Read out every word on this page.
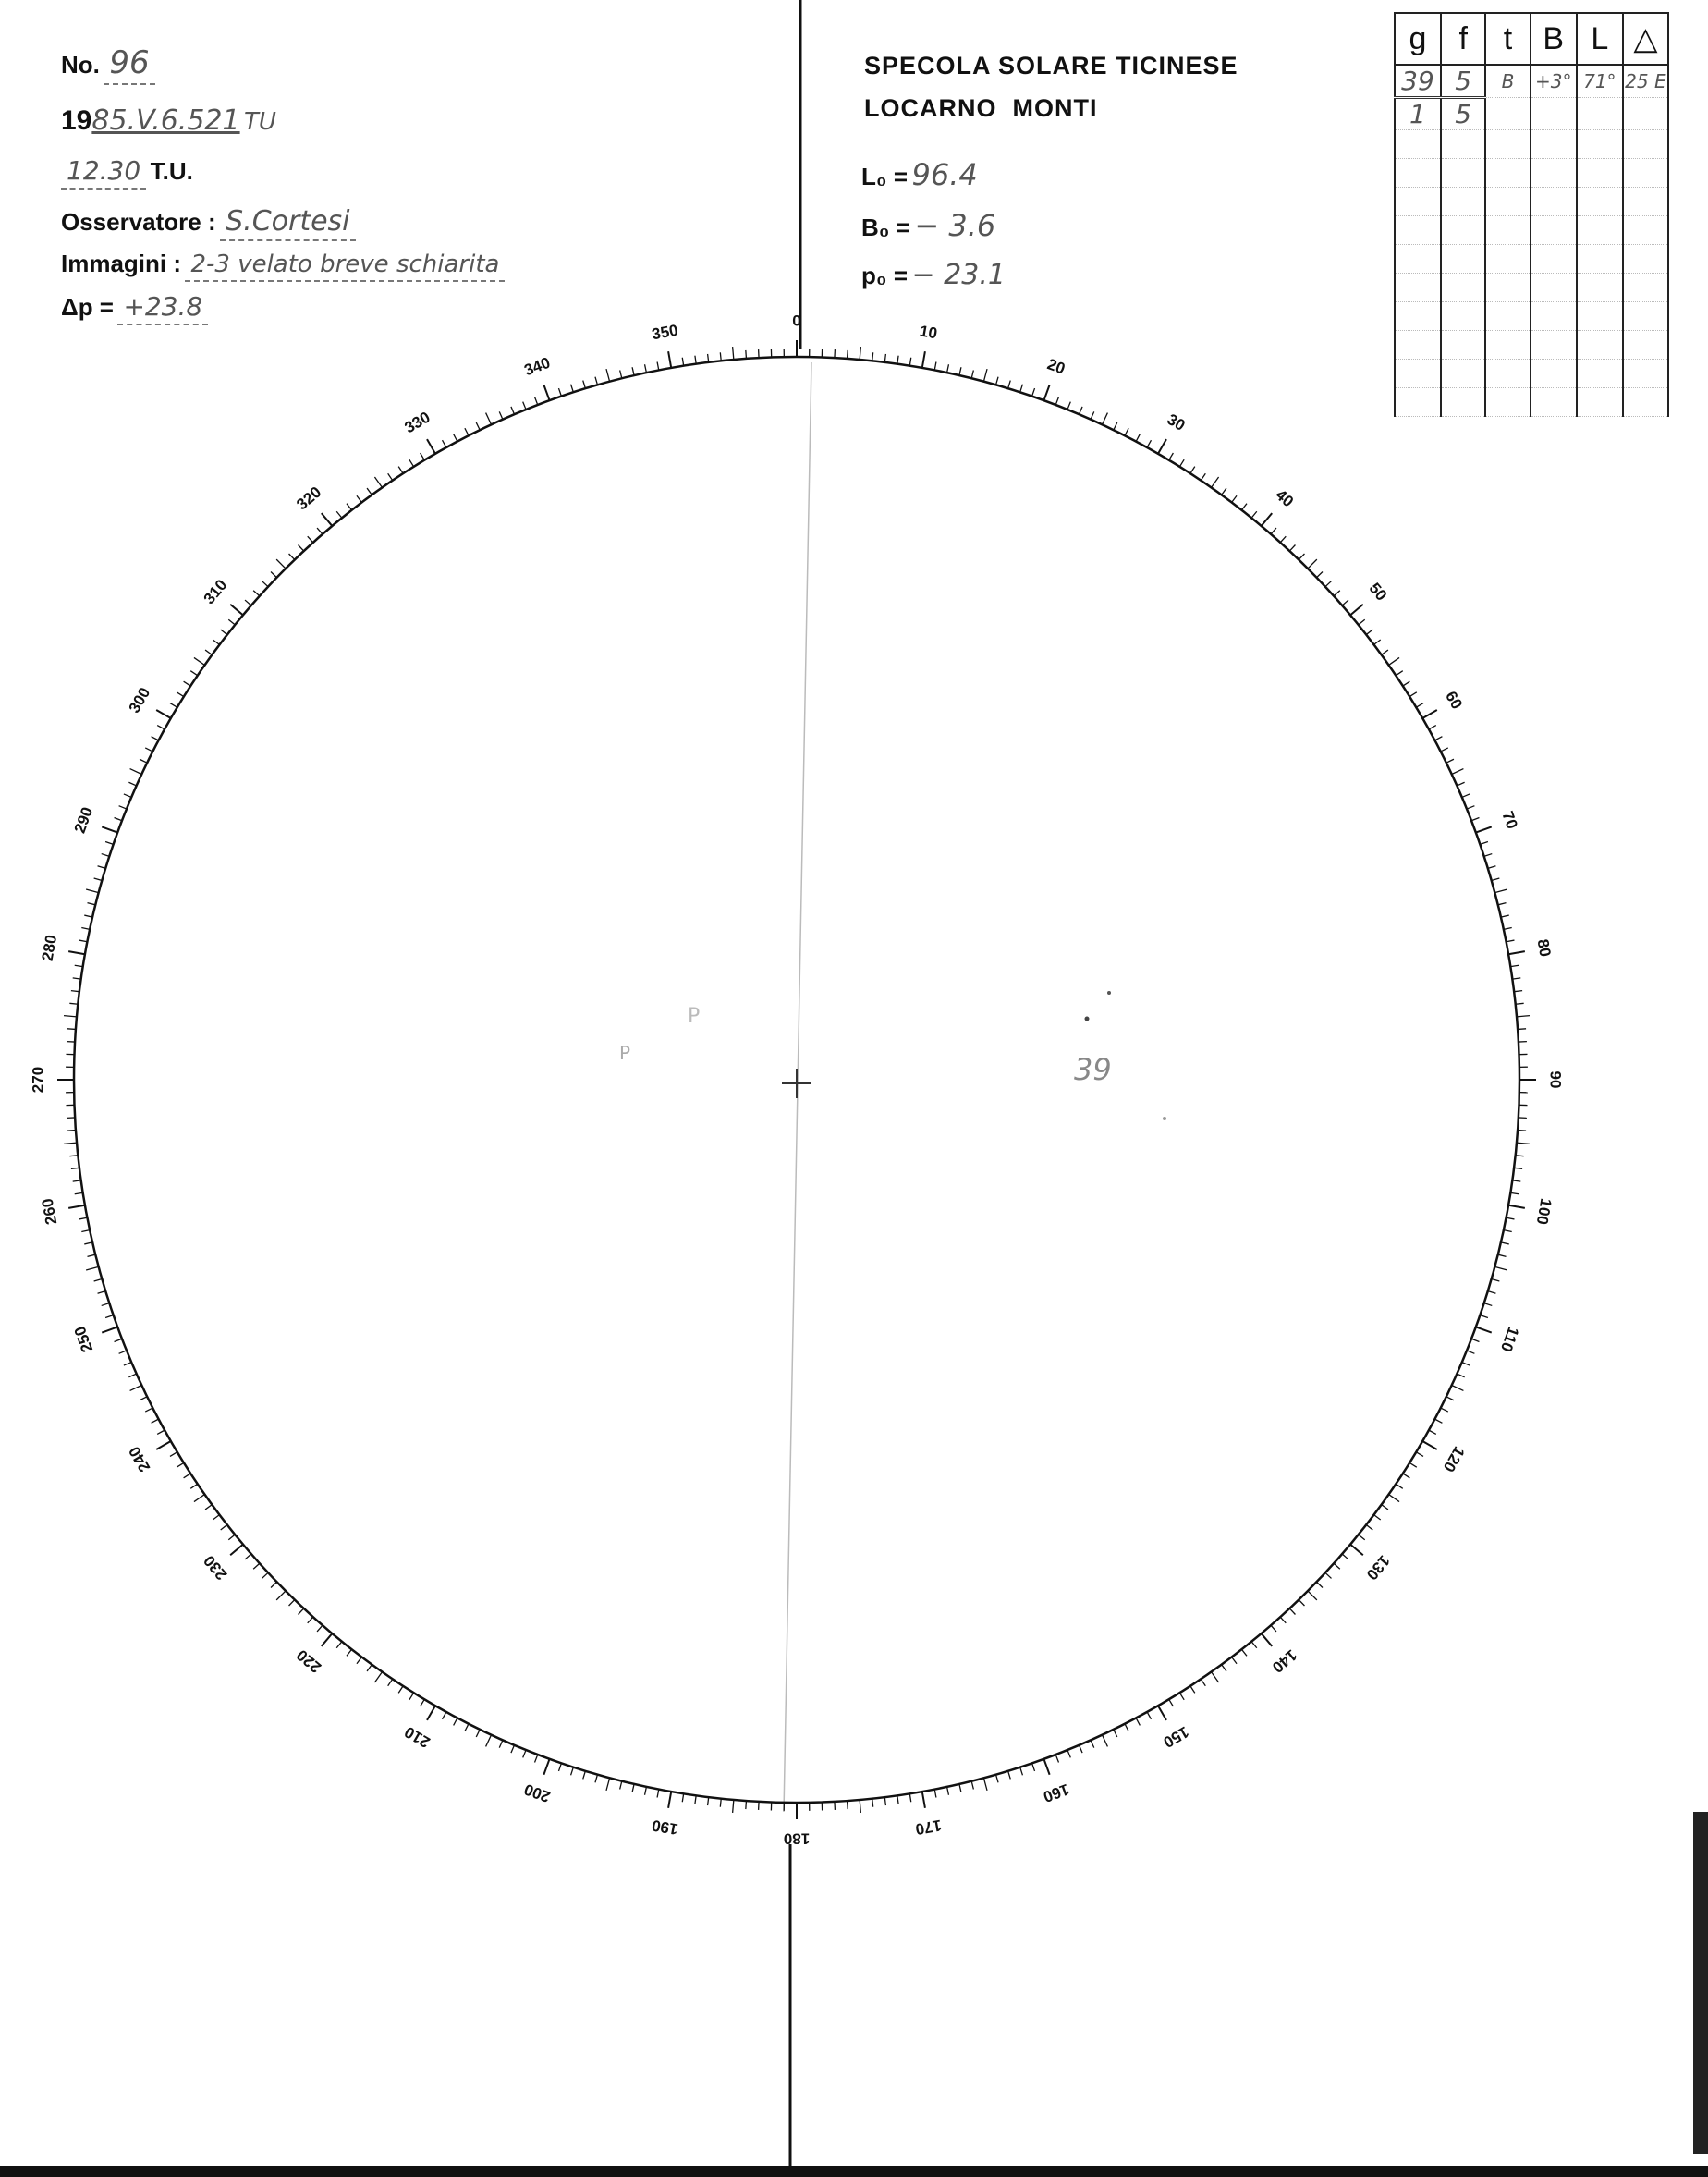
No. 96
1985.V.6.521 TU
12.30 T.U.
Osservatore : S.Cortesi
Immagini : 2-3 velato breve schiarita
Δp = +23.8
SPECOLA SOLARE TICINESE
LOCARNO  MONTI
L₀ = 96.4
B₀ = − 3.6
p₀ = − 23.1
g	f	t	B	L	△
39	5	B	+3°	71°	25 E
1	5				

0
10
20
30
40
50
60
70
80
90
100
110
120
130
140
150
160
170
180
190
200
210
220
230
240
250
260
270
280
290
300
310
320
330
340
350
39
P
P
